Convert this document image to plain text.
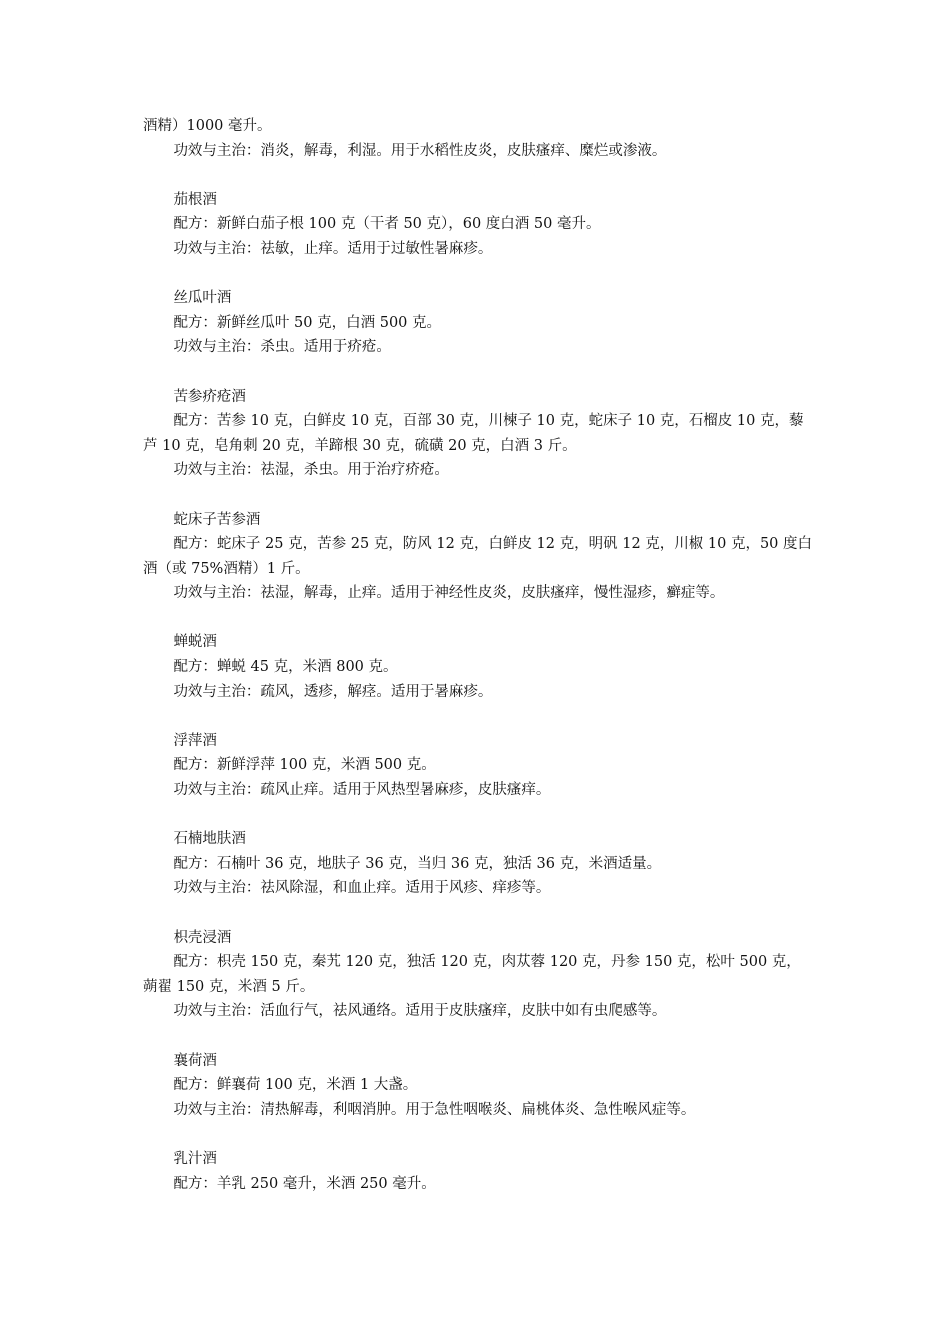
酒精）1000 毫升。
功效与主治：消炎，解毒，利湿。用于水稻性皮炎，皮肤瘙痒、糜烂或渗液。
茄根酒
配方：新鲜白茄子根 100 克（干者 50 克），60 度白酒 50 毫升。
功效与主治：祛敏，止痒。适用于过敏性暑麻疹。
丝瓜叶酒
配方：新鲜丝瓜叶 50 克，白酒 500 克。
功效与主治：杀虫。适用于疥疮。
苦参疥疮酒
配方：苦参 10 克，白鲜皮 10 克，百部 30 克，川楝子 10 克，蛇床子 10 克，石榴皮 10 克，藜芦 10 克，皂角刺 20 克，羊蹄根 30 克，硫磺 20 克，白酒 3 斤。
功效与主治：祛湿，杀虫。用于治疗疥疮。
蛇床子苦参酒
配方：蛇床子 25 克，苦参 25 克，防风 12 克，白鲜皮 12 克，明矾 12 克，川椒 10 克，50 度白酒（或 75%酒精）1 斤。
功效与主治：祛湿，解毒，止痒。适用于神经性皮炎，皮肤瘙痒，慢性湿疹，癣症等。
蝉蜕酒
配方：蝉蜕 45 克，米酒 800 克。
功效与主治：疏风，透疹，解痉。适用于暑麻疹。
浮萍酒
配方：新鲜浮萍 100 克，米酒 500 克。
功效与主治：疏风止痒。适用于风热型暑麻疹，皮肤瘙痒。
石楠地肤酒
配方：石楠叶 36 克，地肤子 36 克，当归 36 克，独活 36 克，米酒适量。
功效与主治：祛风除湿，和血止痒。适用于风疹、痒疹等。
枳壳浸酒
配方：枳壳 150 克，秦艽 120 克，独活 120 克，肉苁蓉 120 克，丹参 150 克，松叶 500 克，蒴翟 150 克，米酒 5 斤。
功效与主治：活血行气，祛风通络。适用于皮肤瘙痒，皮肤中如有虫爬感等。
襄荷酒
配方：鲜襄荷 100 克，米酒 1 大盏。
功效与主治：清热解毒，利咽消肿。用于急性咽喉炎、扁桃体炎、急性喉风症等。
乳汁酒
配方：羊乳 250 毫升，米酒 250 毫升。
